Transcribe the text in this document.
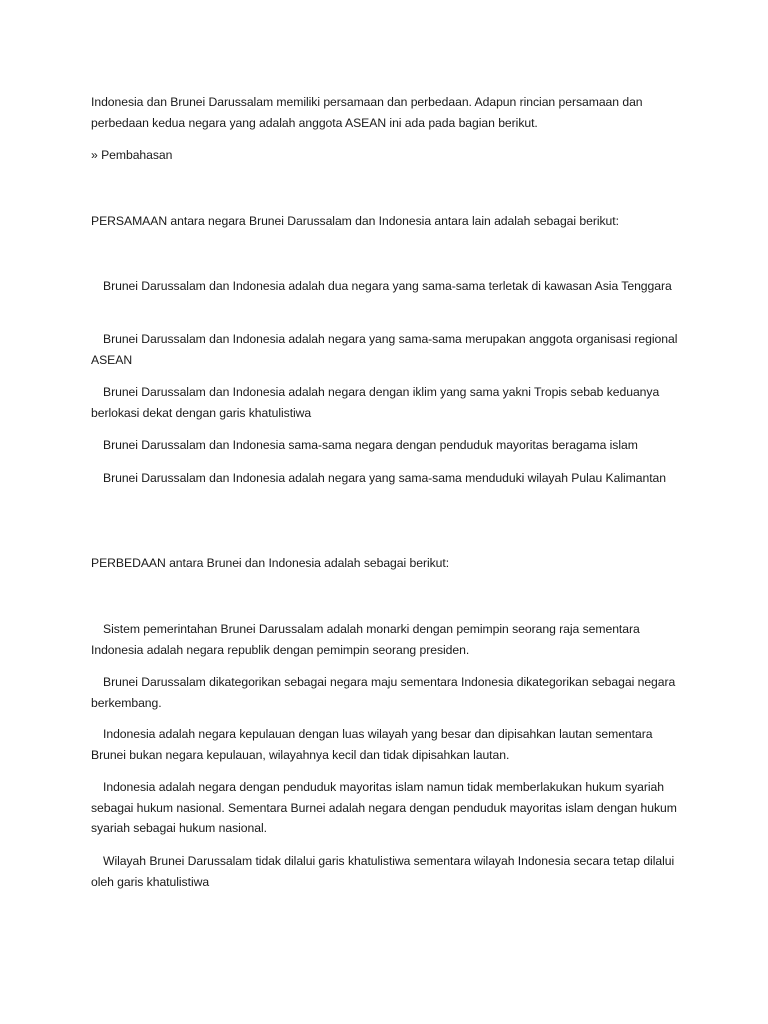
Indonesia dan Brunei Darussalam memiliki persamaan dan perbedaan. Adapun rincian persamaan dan perbedaan kedua negara yang adalah anggota ASEAN ini ada pada bagian berikut.

» Pembahasan

PERSAMAAN antara negara Brunei Darussalam dan Indonesia antara lain adalah sebagai berikut:

Brunei Darussalam dan Indonesia adalah dua negara yang sama-sama terletak di kawasan Asia Tenggara

Brunei Darussalam dan Indonesia adalah negara yang sama-sama merupakan anggota organisasi regional ASEAN

Brunei Darussalam dan Indonesia adalah negara dengan iklim yang sama yakni Tropis sebab keduanya berlokasi dekat dengan garis khatulistiwa

Brunei Darussalam dan Indonesia sama-sama negara dengan penduduk mayoritas beragama islam

Brunei Darussalam dan Indonesia adalah negara yang sama-sama menduduki wilayah Pulau Kalimantan

PERBEDAAN antara Brunei dan Indonesia adalah sebagai berikut:

Sistem pemerintahan Brunei Darussalam adalah monarki dengan pemimpin seorang raja sementara Indonesia adalah negara republik dengan pemimpin seorang presiden.

Brunei Darussalam dikategorikan sebagai negara maju sementara Indonesia dikategorikan sebagai negara berkembang.

Indonesia adalah negara kepulauan dengan luas wilayah yang besar dan dipisahkan lautan sementara Brunei bukan negara kepulauan, wilayahnya kecil dan tidak dipisahkan lautan.

Indonesia adalah negara dengan penduduk mayoritas islam namun tidak memberlakukan hukum syariah sebagai hukum nasional. Sementara Burnei adalah negara dengan penduduk mayoritas islam dengan hukum syariah sebagai hukum nasional.

Wilayah Brunei Darussalam tidak dilalui garis khatulistiwa sementara wilayah Indonesia secara tetap dilalui oleh garis khatulistiwa
